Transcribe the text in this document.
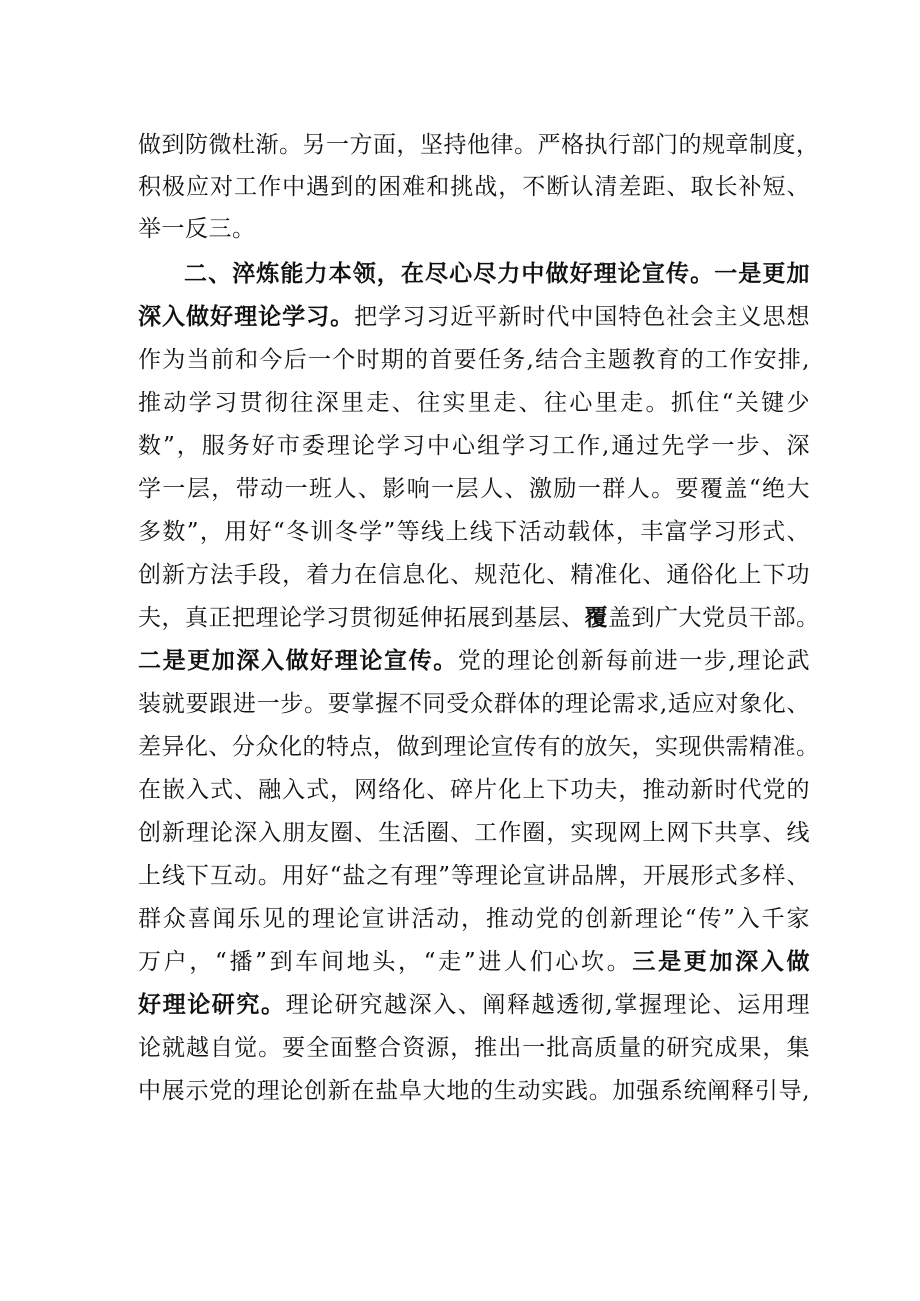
做到防微杜渐。另一方面，坚持他律。严格执行部门的规章制度，
积极应对工作中遇到的困难和挑战，不断认清差距、取长补短、
举一反三。
二、淬炼能力本领，在尽心尽力中做好理论宣传。一是更加
深入做好理论学习。把学习习近平新时代中国特色社会主义思想
作为当前和今后一个时期的首要任务,结合主题教育的工作安排,
推动学习贯彻往深里走、往实里走、往心里走。抓住“关键少
数”，服务好市委理论学习中心组学习工作,通过先学一步、深
学一层，带动一班人、影响一层人、激励一群人。要覆盖“绝大
多数”，用好“冬训冬学”等线上线下活动载体，丰富学习形式、
创新方法手段，着力在信息化、规范化、精准化、通俗化上下功
夫，真正把理论学习贯彻延伸拓展到基层、覆盖到广大党员干部。
二是更加深入做好理论宣传。党的理论创新每前进一步,理论武
装就要跟进一步。要掌握不同受众群体的理论需求,适应对象化、
差异化、分众化的特点，做到理论宣传有的放矢，实现供需精准。
在嵌入式、融入式，网络化、碎片化上下功夫，推动新时代党的
创新理论深入朋友圈、生活圈、工作圈，实现网上网下共享、线
上线下互动。用好“盐之有理”等理论宣讲品牌，开展形式多样、
群众喜闻乐见的理论宣讲活动，推动党的创新理论“传”入千家
万户，“播”到车间地头，“走”进人们心坎。三是更加深入做
好理论研究。理论研究越深入、阐释越透彻,掌握理论、运用理
论就越自觉。要全面整合资源，推出一批高质量的研究成果，集
中展示党的理论创新在盐阜大地的生动实践。加强系统阐释引导,
